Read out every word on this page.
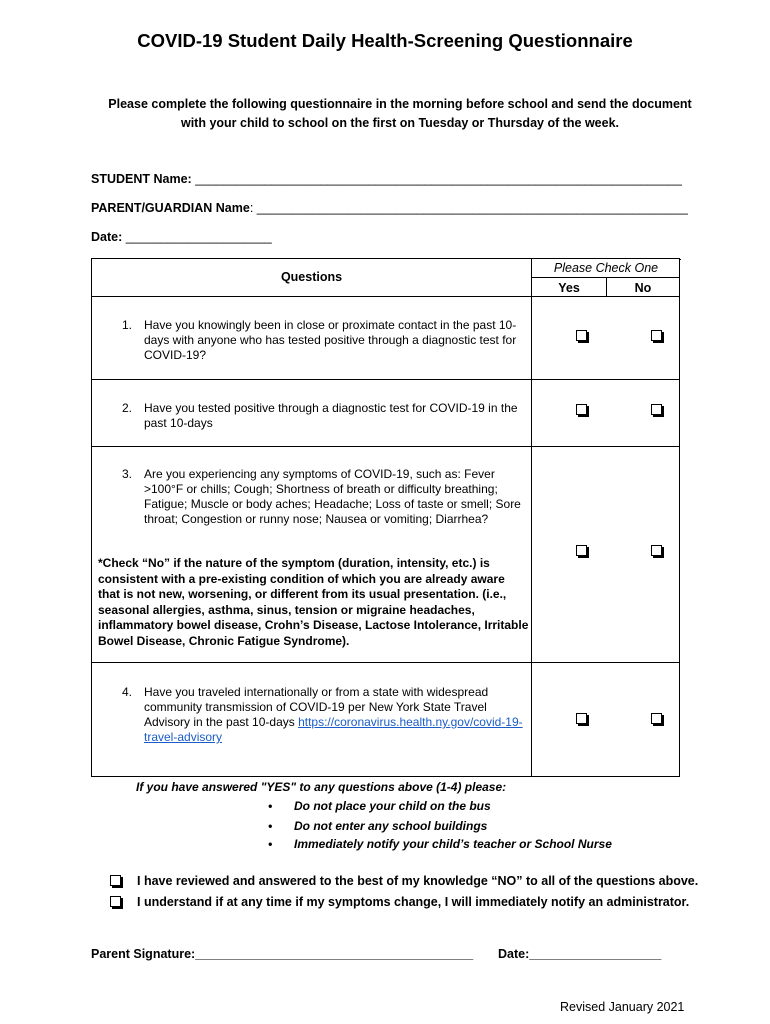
COVID-19 Student Daily Health-Screening Questionnaire
Please complete the following questionnaire in the morning before school and send the document with your child to school on the first on Tuesday or Thursday of the week.
STUDENT Name: ______________________________________________________________________
PARENT/GUARDIAN Name: ______________________________________________________________
Date: _____________________
Questions
Please Check One
Yes	No
1. Have you knowingly been in close or proximate contact in the past 10-days with anyone who has tested positive through a diagnostic test for COVID-19?
2. Have you tested positive through a diagnostic test for COVID-19 in the past 10-days
3. Are you experiencing any symptoms of COVID-19, such as: Fever >100°F or chills; Cough; Shortness of breath or difficulty breathing; Fatigue; Muscle or body aches; Headache; Loss of taste or smell; Sore throat; Congestion or runny nose; Nausea or vomiting; Diarrhea?
*Check “No” if the nature of the symptom (duration, intensity, etc.) is consistent with a pre-existing condition of which you are already aware that is not new, worsening, or different from its usual presentation. (i.e., seasonal allergies, asthma, sinus, tension or migraine headaches, inflammatory bowel disease, Crohn’s Disease, Lactose Intolerance, Irritable Bowel Disease, Chronic Fatigue Syndrome).
4. Have you traveled internationally or from a state with widespread community transmission of COVID-19 per New York State Travel Advisory in the past 10-days https://coronavirus.health.ny.gov/covid-19-travel-advisory
If you have answered "YES" to any questions above (1-4) please:
• Do not place your child on the bus
• Do not enter any school buildings
• Immediately notify your child’s teacher or School Nurse
I have reviewed and answered to the best of my knowledge “NO” to all of the questions above.
I understand if at any time if my symptoms change, I will immediately notify an administrator.
Parent Signature:________________________________________ Date:___________________
Revised January 2021
